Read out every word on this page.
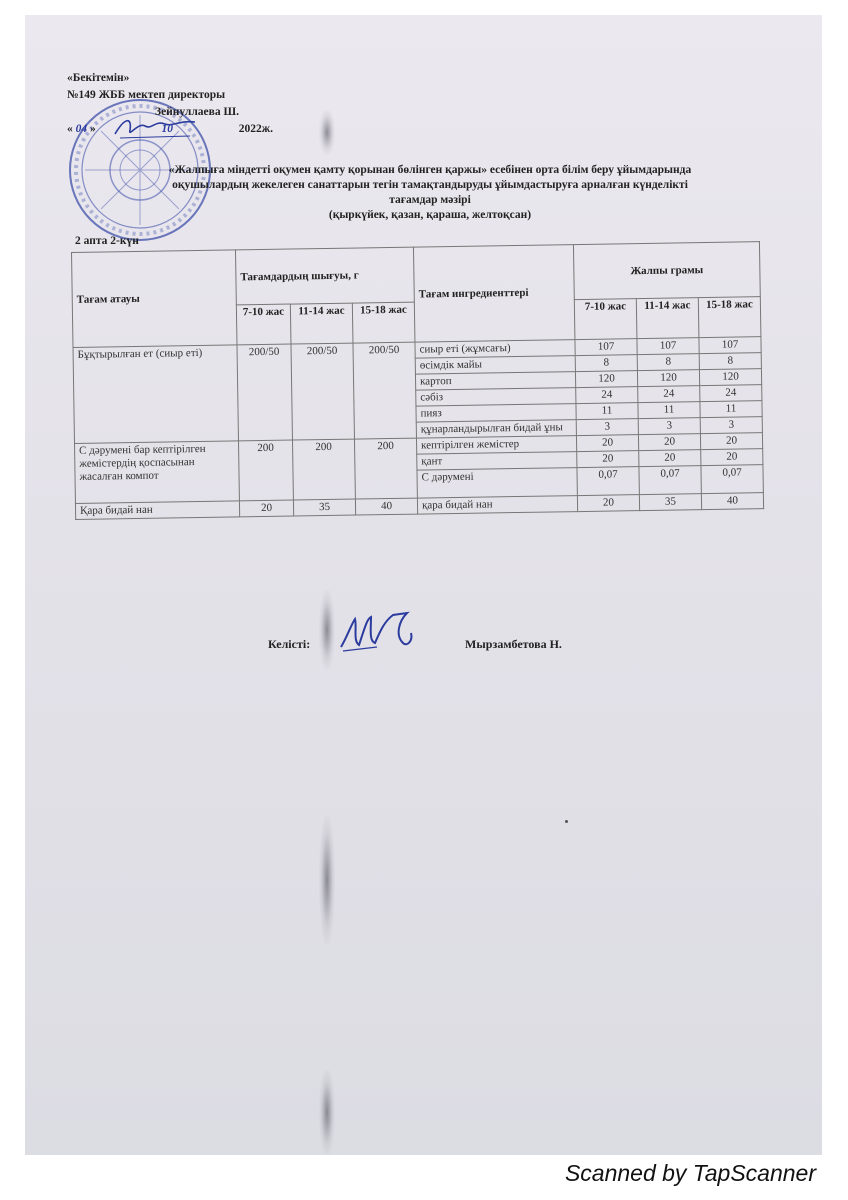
«Бекітемін»
№149 ЖББ мектеп директоры
Зейнуллаева Ш.
« 04 »	10	2022ж.
«Жалпыға міндетті оқумен қамту қорынан бөлінген қаржы» есебінен орта білім беру ұйымдарында
оқушылардың жекелеген санаттарын тегін тамақтандыруды ұйымдастыруға арналған күнделікті
тағамдар мәзірі
(қыркүйек, қазан, қараша, желтоқсан)
2 апта 2-күн
Тағам атауы	Тағамдардың шығуы, г			Тағам ингредиенттері	Жалпы грамы		
	7-10 жас	11-14 жас	15-18 жас		7-10 жас	11-14 жас	15-18 жас
Бұқтырылған ет (сиыр еті)	200/50	200/50	200/50	сиыр еті (жұмсағы)	107	107	107
				өсімдік майы	8	8	8
				картоп	120	120	120
				сәбіз	24	24	24
				пияз	11	11	11
				құнарландырылған бидай ұны	3	3	3
С дәрумені бар кептірілген жемістердің қоспасынан жасалған компот	200	200	200	кептірілген жемістер	20	20	20
				қант	20	20	20
				С дәрумені	0,07	0,07	0,07
Қара бидай нан	20	35	40	қара бидай нан	20	35	40
Келісті:	Мырзамбетова Н.
Scanned by TapScanner
